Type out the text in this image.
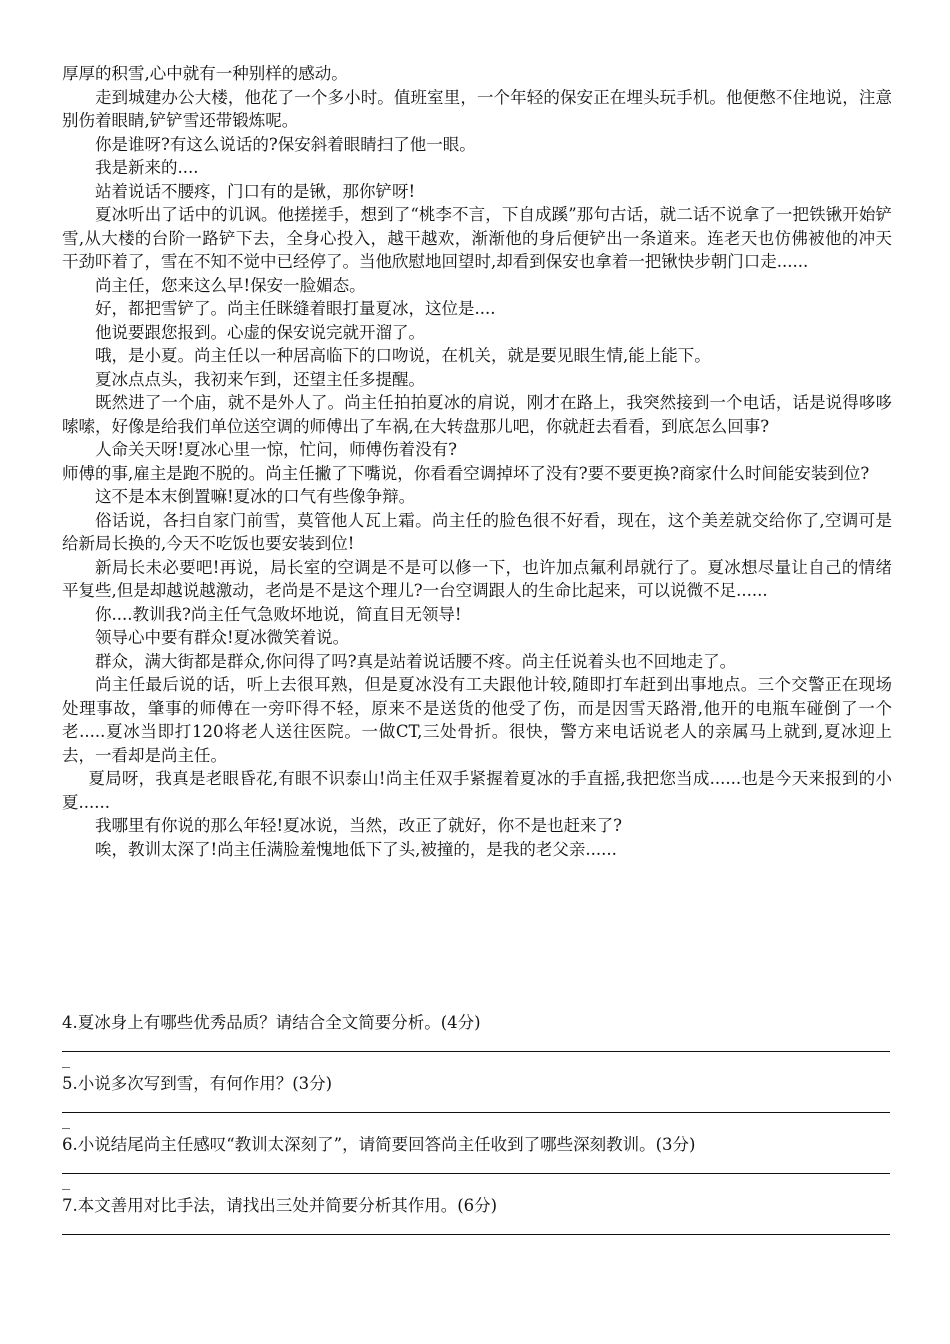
厚厚的积雪,心中就有一种别样的感动。

走到城建办公大楼，他花了一个多小时。值班室里，一个年轻的保安正在埋头玩手机。他便憋不住地说，注意别伤着眼睛,铲铲雪还带锻炼呢。

你是谁呀?有这么说话的?保安斜着眼睛扫了他一眼。

我是新来的....

站着说话不腰疼，门口有的是锹，那你铲呀!

夏冰听出了话中的讥讽。他搓搓手，想到了“桃李不言，下自成蹊”那句古话，就二话不说拿了一把铁锹开始铲雪,从大楼的台阶一路铲下去，全身心投入，越干越欢，渐渐他的身后便铲出一条道来。连老天也仿佛被他的冲天干劲吓着了，雪在不知不觉中已经停了。当他欣慰地回望时,却看到保安也拿着一把锹快步朝门口走......

尚主任，您来这么早!保安一脸媚态。

好，都把雪铲了。尚主任眯缝着眼打量夏冰，这位是....

他说要跟您报到。心虚的保安说完就开溜了。

哦，是小夏。尚主任以一种居高临下的口吻说，在机关，就是要见眼生情,能上能下。

夏冰点点头，我初来乍到，还望主任多提醒。

既然进了一个庙，就不是外人了。尚主任拍拍夏冰的肩说，刚才在路上，我突然接到一个电话，话是说得哆哆嗦嗦，好像是给我们单位送空调的师傅出了车祸,在大转盘那儿吧，你就赶去看看，到底怎么回事?

人命关天呀!夏冰心里一惊，忙问，师傅伤着没有?

师傅的事,雇主是跑不脱的。尚主任撇了下嘴说，你看看空调掉坏了没有?要不要更换?商家什么时间能安装到位?

这不是本末倒置嘛!夏冰的口气有些像争辩。

俗话说，各扫自家门前雪，莫管他人瓦上霜。尚主任的脸色很不好看，现在，这个美差就交给你了,空调可是给新局长换的,今天不吃饭也要安装到位!

新局长未必要吧!再说，局长室的空调是不是可以修一下，也许加点氟利昂就行了。夏冰想尽量让自己的情绪平复些,但是却越说越激动，老尚是不是这个理儿?一台空调跟人的生命比起来，可以说微不足......

你....教训我?尚主任气急败坏地说，简直目无领导!

领导心中要有群众!夏冰微笑着说。

群众，满大街都是群众,你问得了吗?真是站着说话腰不疼。尚主任说着头也不回地走了。

尚主任最后说的话，听上去很耳熟，但是夏冰没有工夫跟他计较,随即打车赶到出事地点。三个交警正在现场处理事故，肇事的师傅在一旁吓得不轻，原来不是送货的他受了伤，而是因雪天路滑,他开的电瓶车碰倒了一个老.....夏冰当即打120将老人送往医院。一做CT,三处骨折。很快，警方来电话说老人的亲属马上就到,夏冰迎上去，一看却是尚主任。

夏局呀，我真是老眼昏花,有眼不识泰山!尚主任双手紧握着夏冰的手直摇,我把您当成......也是今天来报到的小夏......

我哪里有你说的那么年轻!夏冰说，当然，改正了就好，你不是也赶来了?

唉，教训太深了!尚主任满脸羞愧地低下了头,被撞的，是我的老父亲......

4.夏冰身上有哪些优秀品质？请结合全文简要分析。(4分)

_

5.小说多次写到雪，有何作用？(3分)

_

6.小说结尾尚主任感叹“教训太深刻了”，请简要回答尚主任收到了哪些深刻教训。(3分)

_

7.本文善用对比手法，请找出三处并简要分析其作用。(6分)
